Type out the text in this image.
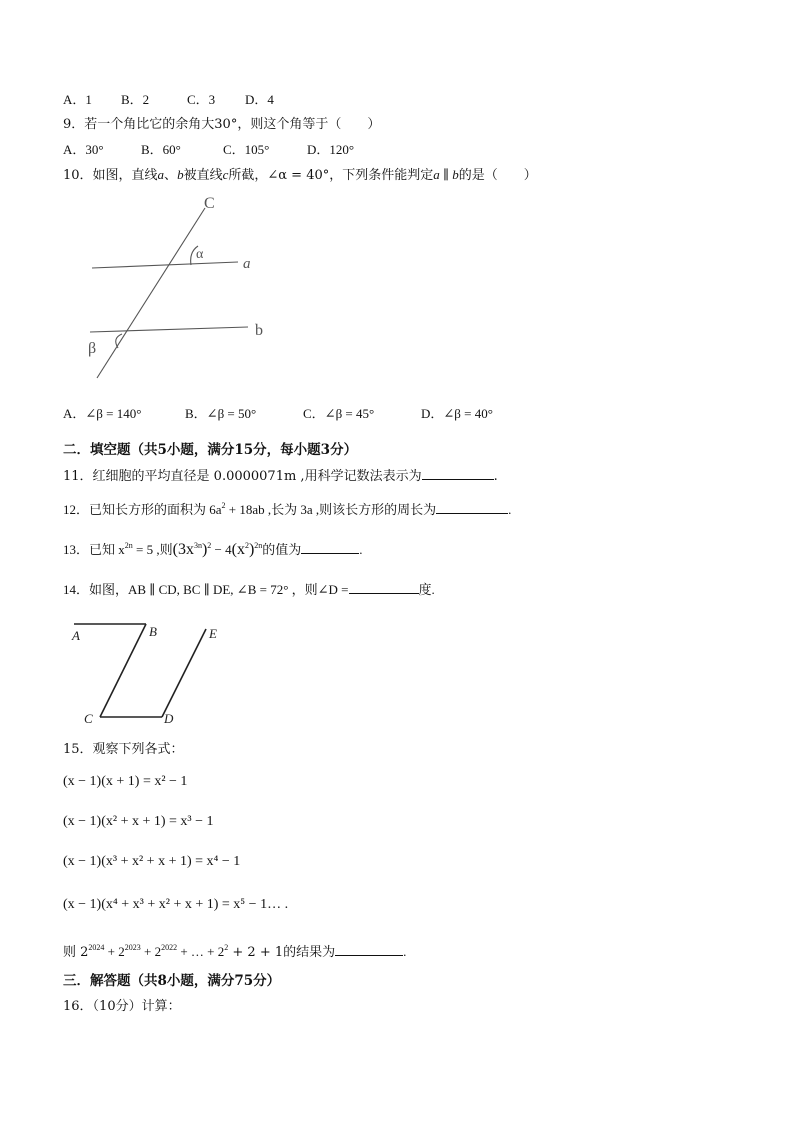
A．1 B．2	C．3 D．4
9．若一个角比它的余角大30°，则这个角等于（　　）
A．30°	B．60°	C．105°	D．120°
10．如图，直线a、b被直线c所截，∠α = 40°，下列条件能判定a ∥ b的是（　　）
C
α
a
b
β
A．∠β = 140°	B．∠β = 50°	C．∠β = 45°	D．∠β = 40°
二．填空题（共5小题，满分15分，每小题3分）
11．红细胞的平均直径是 0.0000071m ,用科学记数法表示为	.
12．已知长方形的面积为 $6a^2 + 18ab$ ,长为 3a ,则该长方形的周长为	.
13．已知 $x^{2n} = 5$ ,则$(3x^{3n})^2 - 4(x^2)^{2n}$的值为	.
14．如图，AB ∥ CD, BC ∥ DE, ∠B = 72° ，则∠D =	度.
A	B
C	D
E
15．观察下列各式：
(x − 1)(x + 1) = x² − 1
(x − 1)(x² + x + 1) = x³ − 1
(x − 1)(x³ + x² + x + 1) = x⁴ − 1
(x − 1)(x⁴ + x³ + x² + x + 1) = x⁵ − 1… .
则 $2^{2024} + 2^{2023} + 2^{2022}$ + … + $2^2 + 2 + 1$的结果为	.
三．解答题（共8小题，满分75分）
16．（10分）计算：
